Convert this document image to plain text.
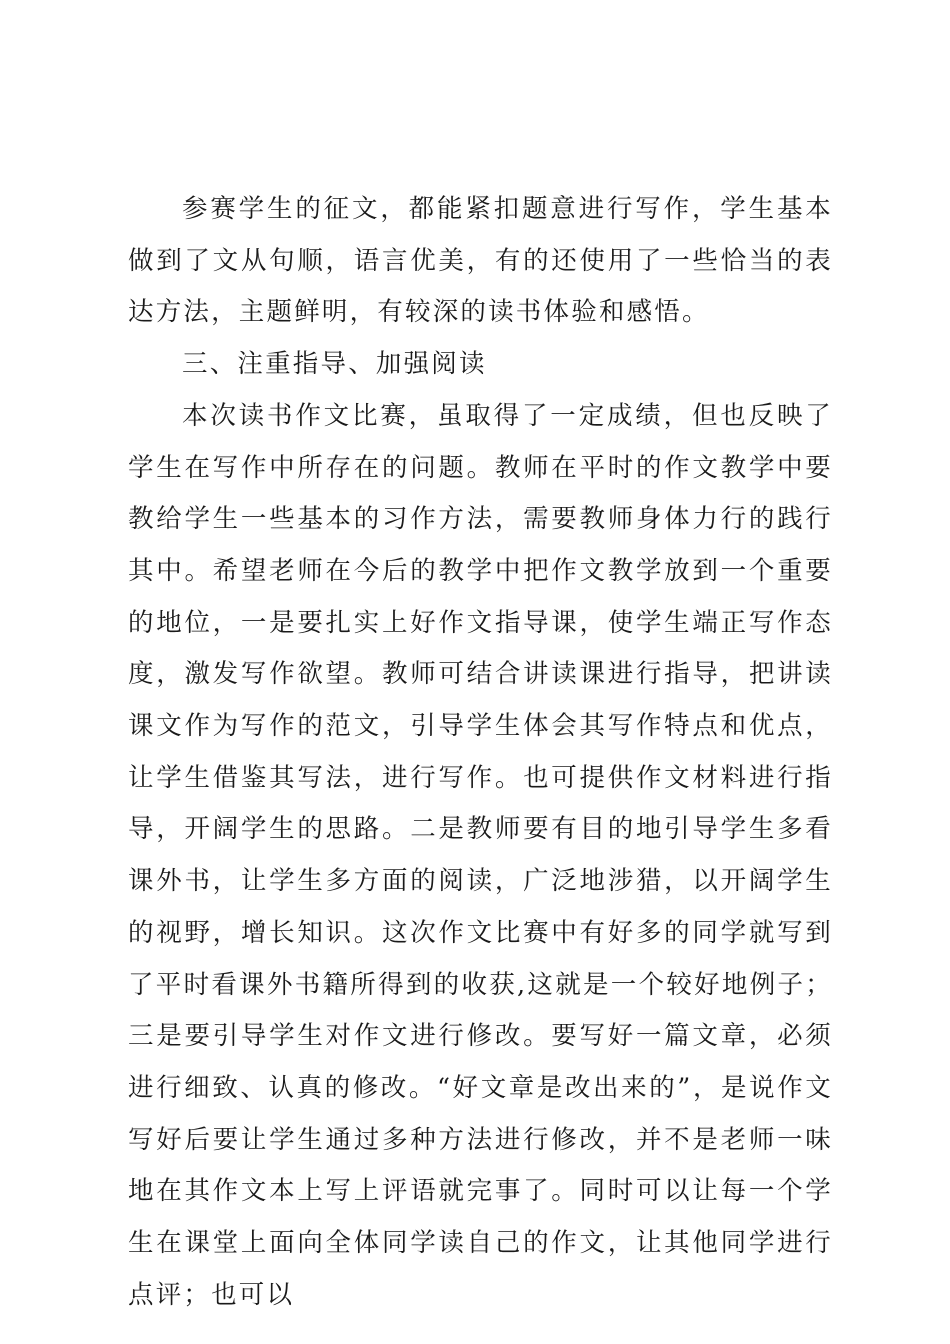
参赛学生的征文，都能紧扣题意进行写作，学生基本做到了文从句顺，语言优美，有的还使用了一些恰当的表达方法，主题鲜明，有较深的读书体验和感悟。

三、注重指导、加强阅读

本次读书作文比赛，虽取得了一定成绩，但也反映了学生在写作中所存在的问题。教师在平时的作文教学中要教给学生一些基本的习作方法，需要教师身体力行的践行其中。希望老师在今后的教学中把作文教学放到一个重要的地位，一是要扎实上好作文指导课，使学生端正写作态度，激发写作欲望。教师可结合讲读课进行指导，把讲读课文作为写作的范文，引导学生体会其写作特点和优点，让学生借鉴其写法，进行写作。也可提供作文材料进行指导，开阔学生的思路。二是教师要有目的地引导学生多看课外书，让学生多方面的阅读，广泛地涉猎，以开阔学生的视野，增长知识。这次作文比赛中有好多的同学就写到了平时看课外书籍所得到的收获,这就是一个较好地例子；三是要引导学生对作文进行修改。要写好一篇文章，必须进行细致、认真的修改。“好文章是改出来的”，是说作文写好后要让学生通过多种方法进行修改，并不是老师一味地在其作文本上写上评语就完事了。同时可以让每一个学生在课堂上面向全体同学读自己的作文，让其他同学进行点评；也可以
